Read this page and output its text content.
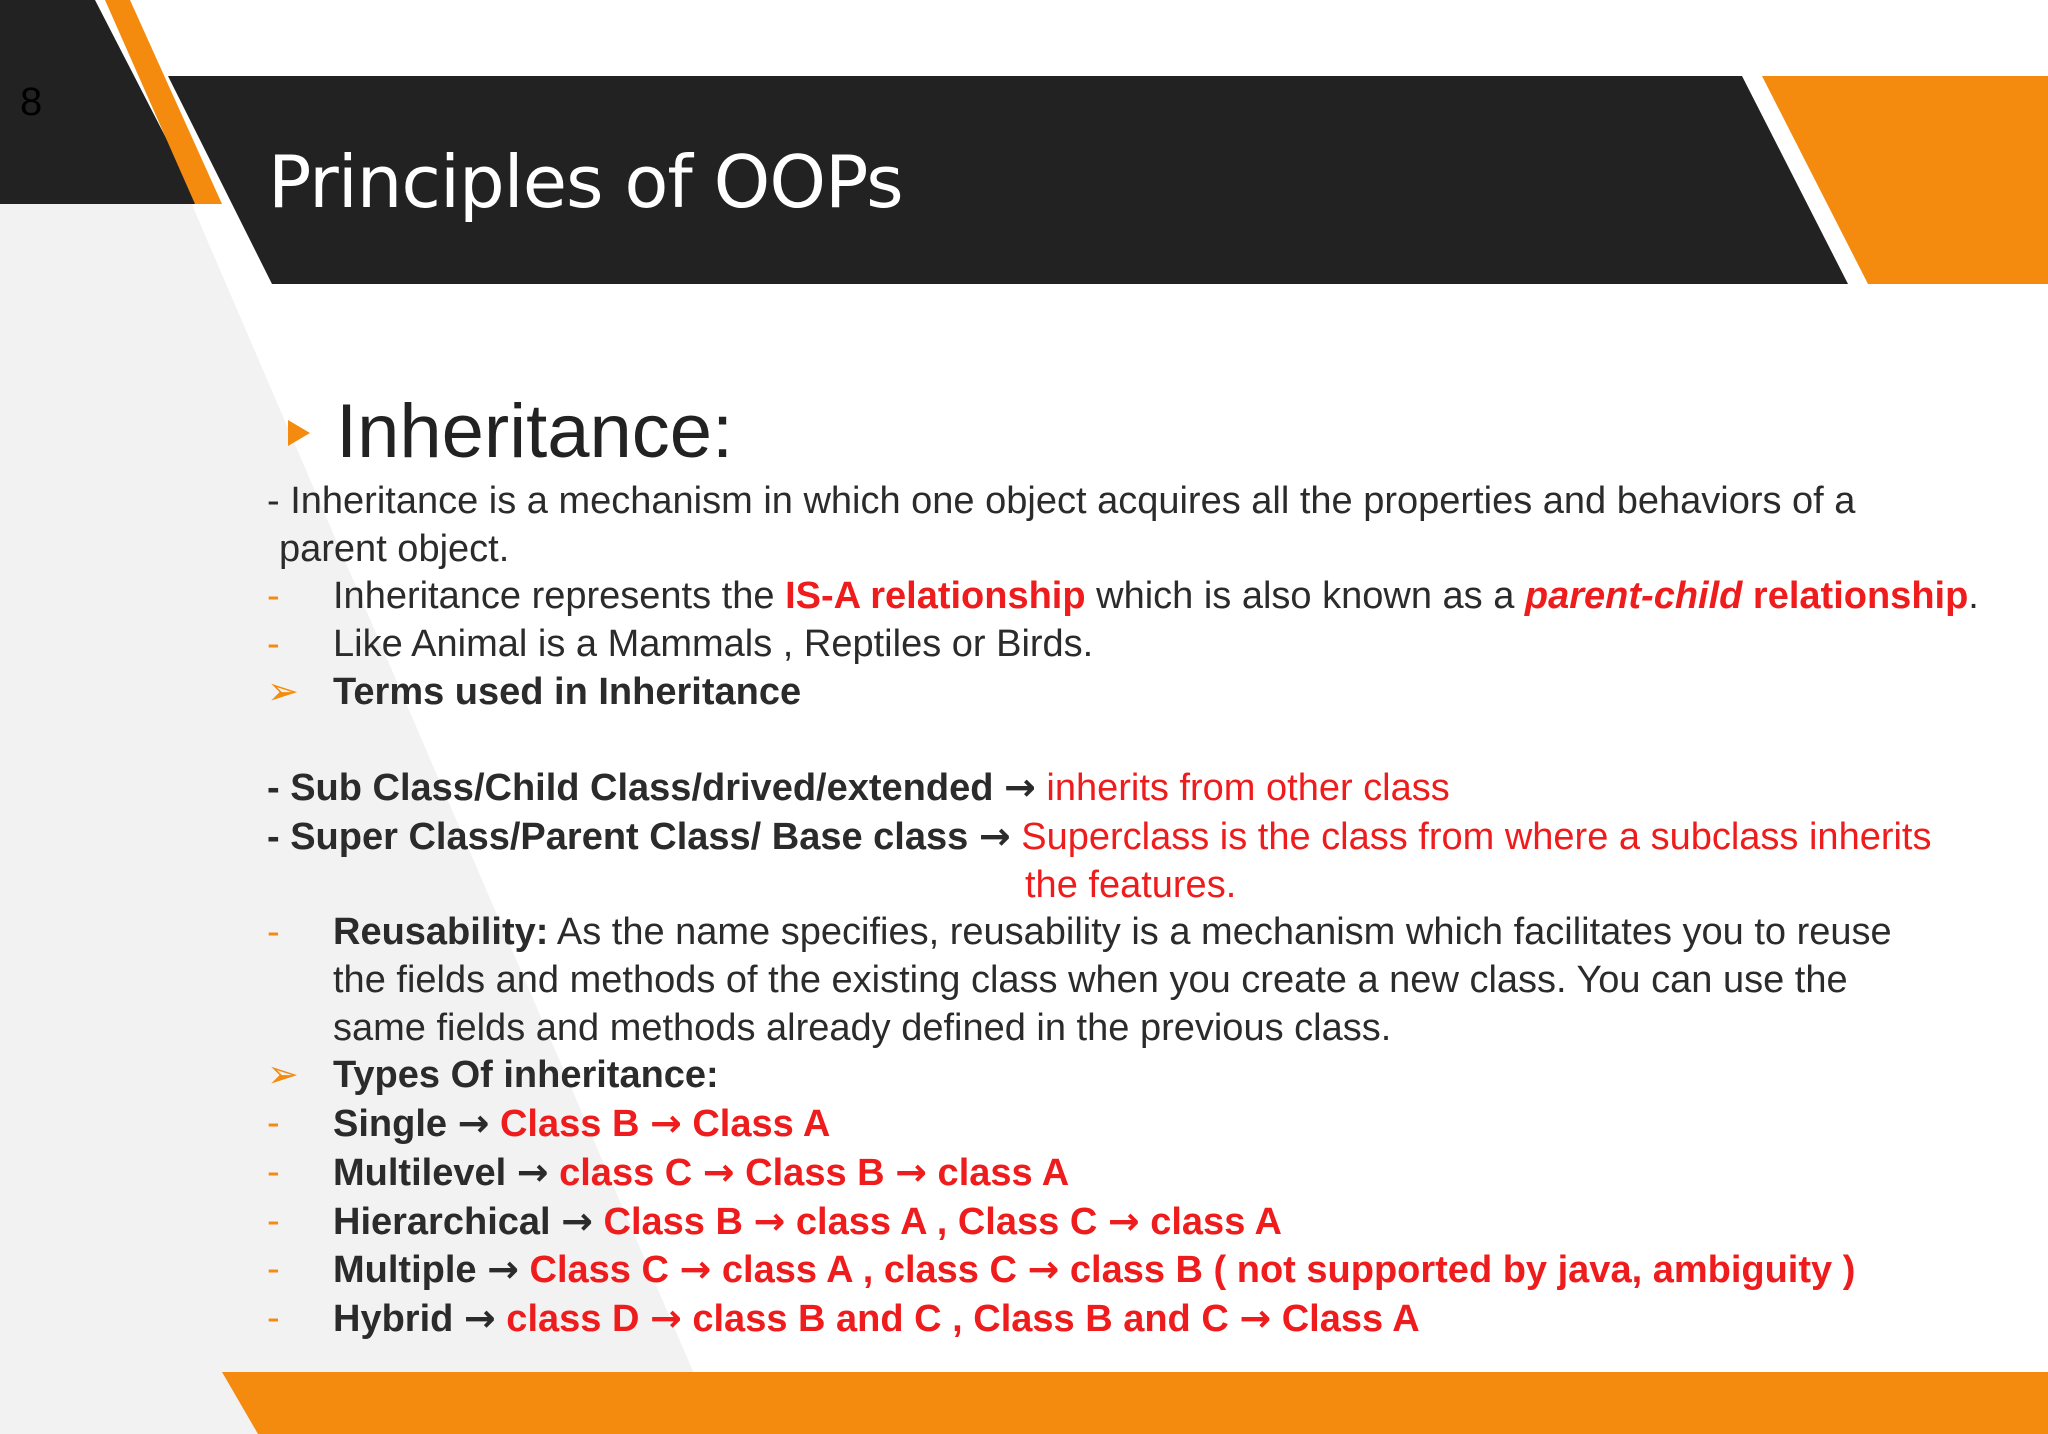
8
Principles of OOPs
Inheritance:
- Inheritance is a mechanism in which one object acquires all the properties and behaviors of a
parent object.
-	Inheritance represents the IS-A relationship which is also known as a parent-child relationship.
-	Like Animal is a Mammals , Reptiles or Birds.
➢ Terms used in Inheritance
- Sub Class/Child Class/drived/extended → inherits from other class
- Super Class/Parent Class/ Base class → Superclass is the class from where a subclass inherits
the features.
-	Reusability: As the name specifies, reusability is a mechanism which facilitates you to reuse
the fields and methods of the existing class when you create a new class. You can use the
same fields and methods already defined in the previous class.
➢ Types Of inheritance:
-	Single → Class B → Class A
-	Multilevel → class C → Class B → class A
-	Hierarchical → Class B → class A , Class C → class A
-	Multiple → Class C → class A , class C → class B ( not supported by java, ambiguity )
-	Hybrid → class D → class B and C , Class B and C → Class A
